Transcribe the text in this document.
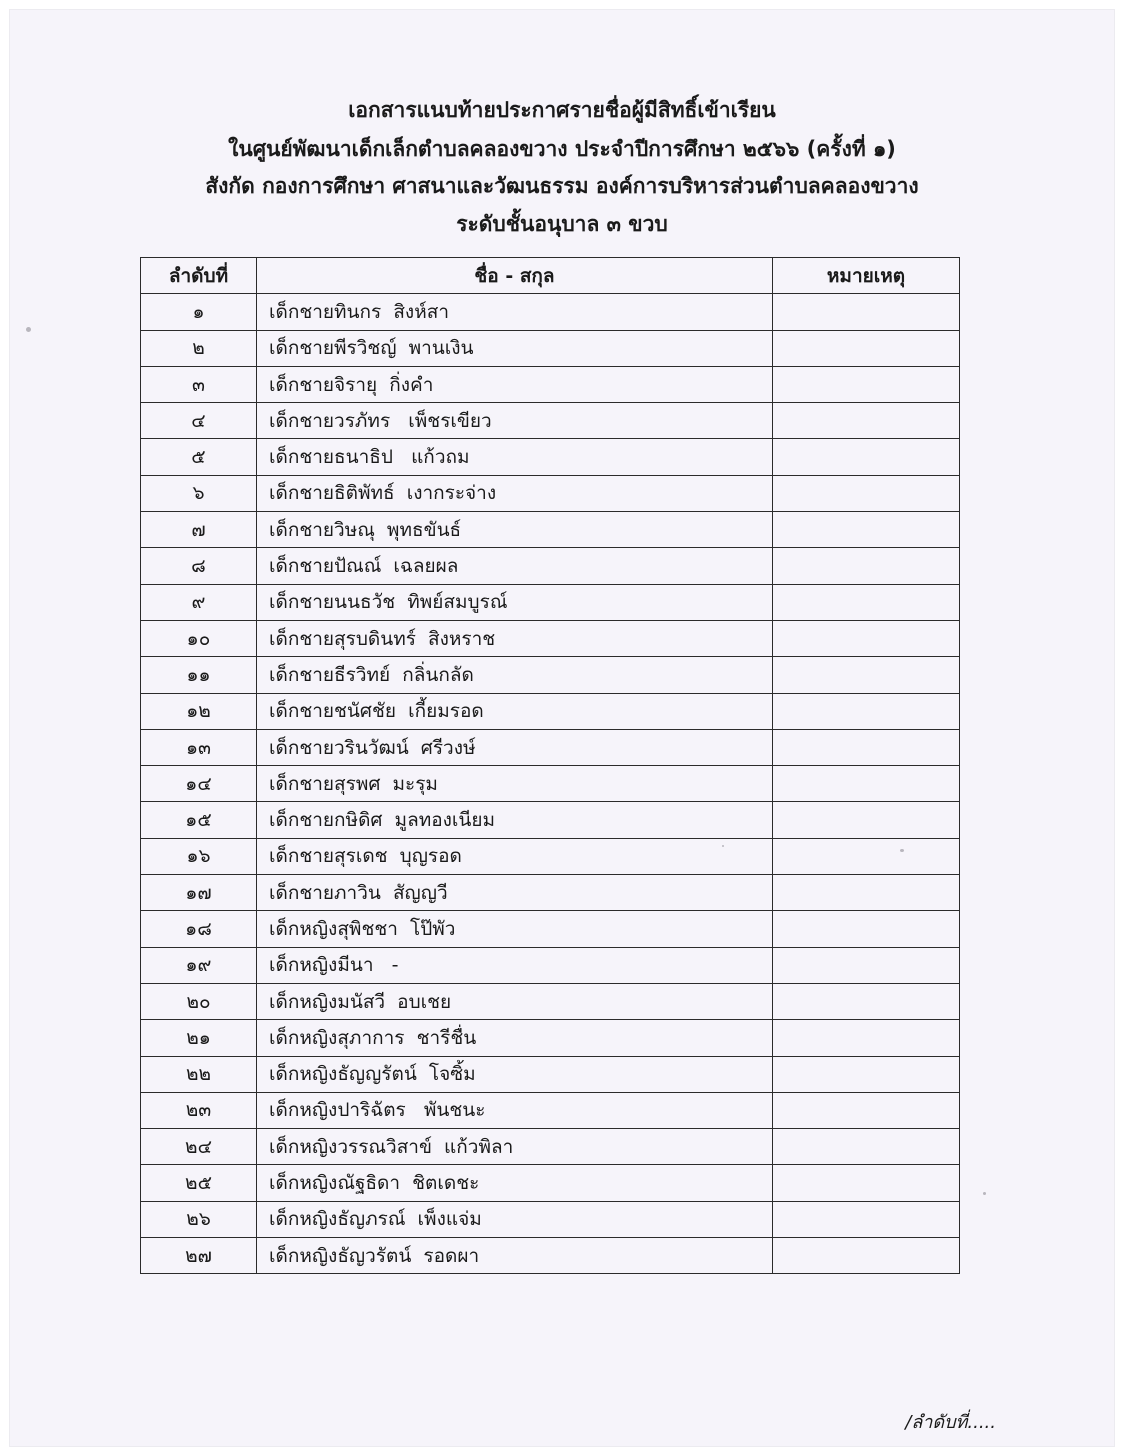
เอกสารแนบท้ายประกาศรายชื่อผู้มีสิทธิ์เข้าเรียน
ในศูนย์พัฒนาเด็กเล็กตำบลคลองขวาง ประจำปีการศึกษา ๒๕๖๖ (ครั้งที่ ๑)
สังกัด กองการศึกษา ศาสนาและวัฒนธรรม องค์การบริหารส่วนตำบลคลองขวาง
ระดับชั้นอนุบาล ๓ ขวบ
ลำดับที่	ชื่อ - สกุล	หมายเหตุ
๑	เด็กชายทินกร  สิงห์สา	
๒	เด็กชายพีรวิชญ์  พานเงิน	
๓	เด็กชายจิรายุ  กิ่งคำ	
๔	เด็กชายวรภัทร   เพ็ชรเขียว	
๕	เด็กชายธนาธิป   แก้วถม	
๖	เด็กชายธิติพัทธ์  เงากระจ่าง	
๗	เด็กชายวิษณุ  พุทธขันธ์	
๘	เด็กชายปัณณ์  เฉลยผล	
๙	เด็กชายนนธวัช  ทิพย์สมบูรณ์	
๑๐	เด็กชายสุรบดินทร์  สิงหราช	
๑๑	เด็กชายธีรวิทย์  กลิ่นกลัด	
๑๒	เด็กชายชนัศชัย  เกี้ยมรอด	
๑๓	เด็กชายวรินวัฒน์  ศรีวงษ์	
๑๔	เด็กชายสุรพศ  มะรุม	
๑๕	เด็กชายกษิดิศ  มูลทองเนียม	
๑๖	เด็กชายสุรเดช  บุญรอด	
๑๗	เด็กชายภาวิน  สัญญวี	
๑๘	เด็กหญิงสุพิชชา  โป๊พัว	
๑๙	เด็กหญิงมีนา   -	
๒๐	เด็กหญิงมนัสวี  อบเชย	
๒๑	เด็กหญิงสุภาการ  ชารีชื่น	
๒๒	เด็กหญิงธัญญรัตน์  โจซิ้ม	
๒๓	เด็กหญิงปาริฉัตร   พันชนะ	
๒๔	เด็กหญิงวรรณวิสาข์  แก้วพิลา	
๒๕	เด็กหญิงณัฐธิดา  ชิตเดชะ	
๒๖	เด็กหญิงธัญภรณ์  เพ็งแจ่ม	
๒๗	เด็กหญิงธัญวรัตน์  รอดผา	
/ลำดับที่.....
